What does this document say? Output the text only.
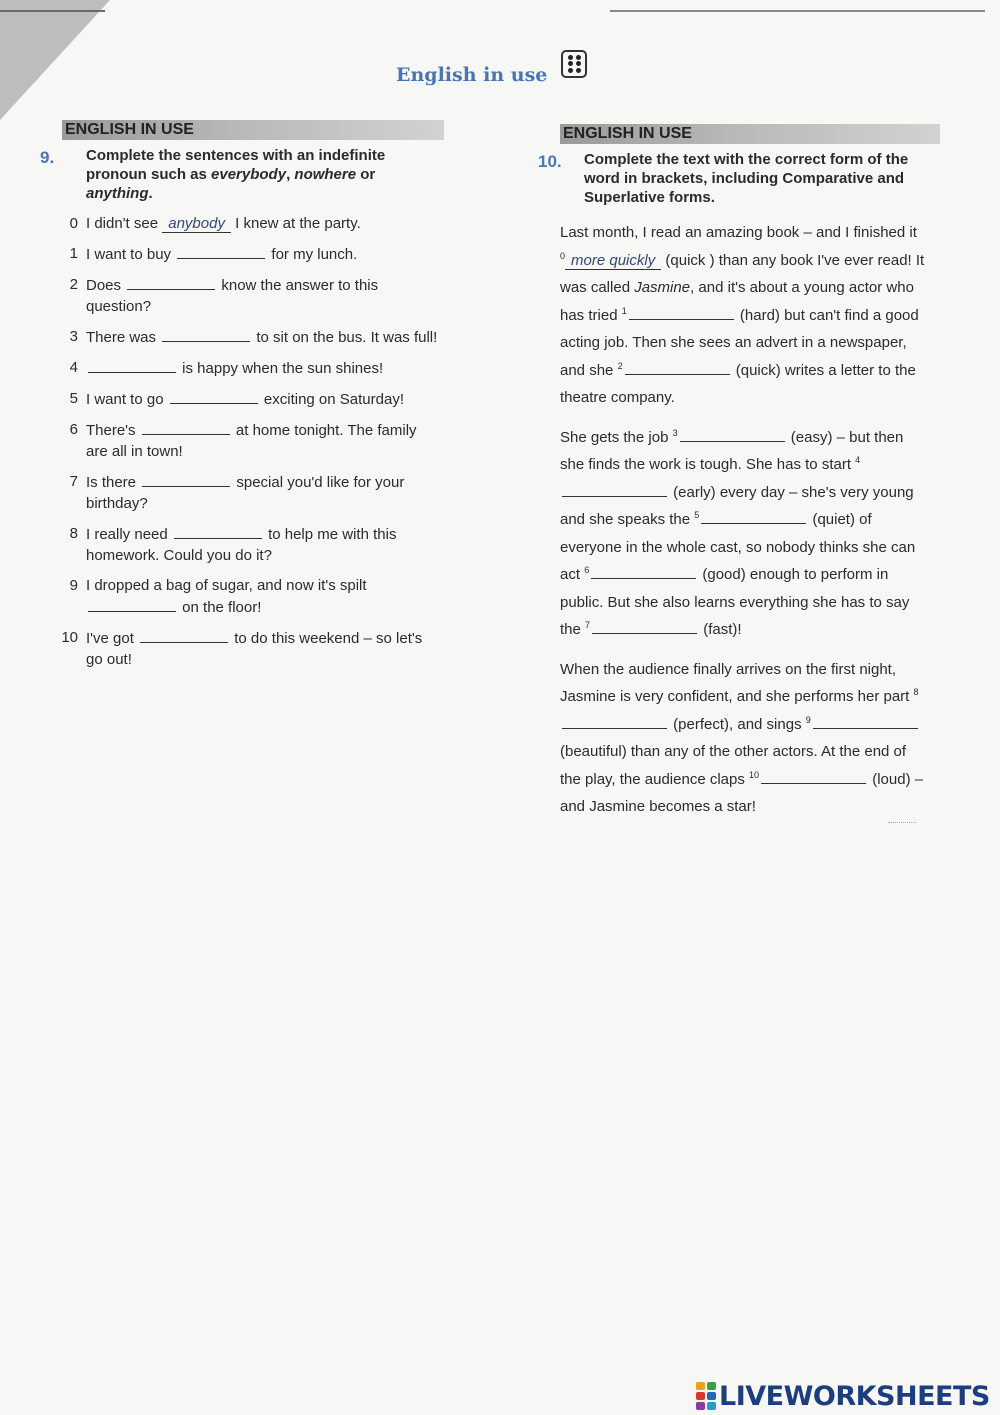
English in use
ENGLISH IN USE
9.	Complete the sentences with an indefinite pronoun such as everybody, nowhere or anything.
0 I didn't see anybody I knew at the party.
1 I want to buy	for my lunch.
2 Does	know the answer to this question?
3 There was	to sit on the bus. It was full!
4	is happy when the sun shines!
5 I want to go	exciting on Saturday!
6 There's	at home tonight. The family are all in town!
7 Is there	special you'd like for your birthday?
8 I really need	to help me with this homework. Could you do it?
9 I dropped a bag of sugar, and now it's spilt  on the floor!
10 I've got	to do this weekend – so let's go out!
ENGLISH IN USE
10.	Complete the text with the correct form of the word in brackets, including Comparative and Superlative forms.

Last month, I read an amazing book – and I finished it $^0$ more quickly (quick ) than any book I've ever read! It was called Jasmine, and it's about a young actor who has tried $^1$	(hard) but can't find a good acting job. Then she sees an advert in a newspaper, and she $^2$	(quick) writes a letter to the theatre company.

She gets the job $^3$	(easy) – but then she finds the work is tough. She has to start $^4$ (early) every day – she's very young and she speaks the $^5$	(quiet) of everyone in the whole cast, so nobody thinks she can act $^6$	(good) enough to perform in public. But she also learns everything she has to say the $^7$	(fast)!

When the audience finally arrives on the first night, Jasmine is very confident, and she performs her part $^8$ (perfect), and sings $^9$ (beautiful) than any of the other actors. At the end of the play, the audience claps $^{10}$	(loud) – and Jasmine becomes a star!

LIVEWORKSHEETS
